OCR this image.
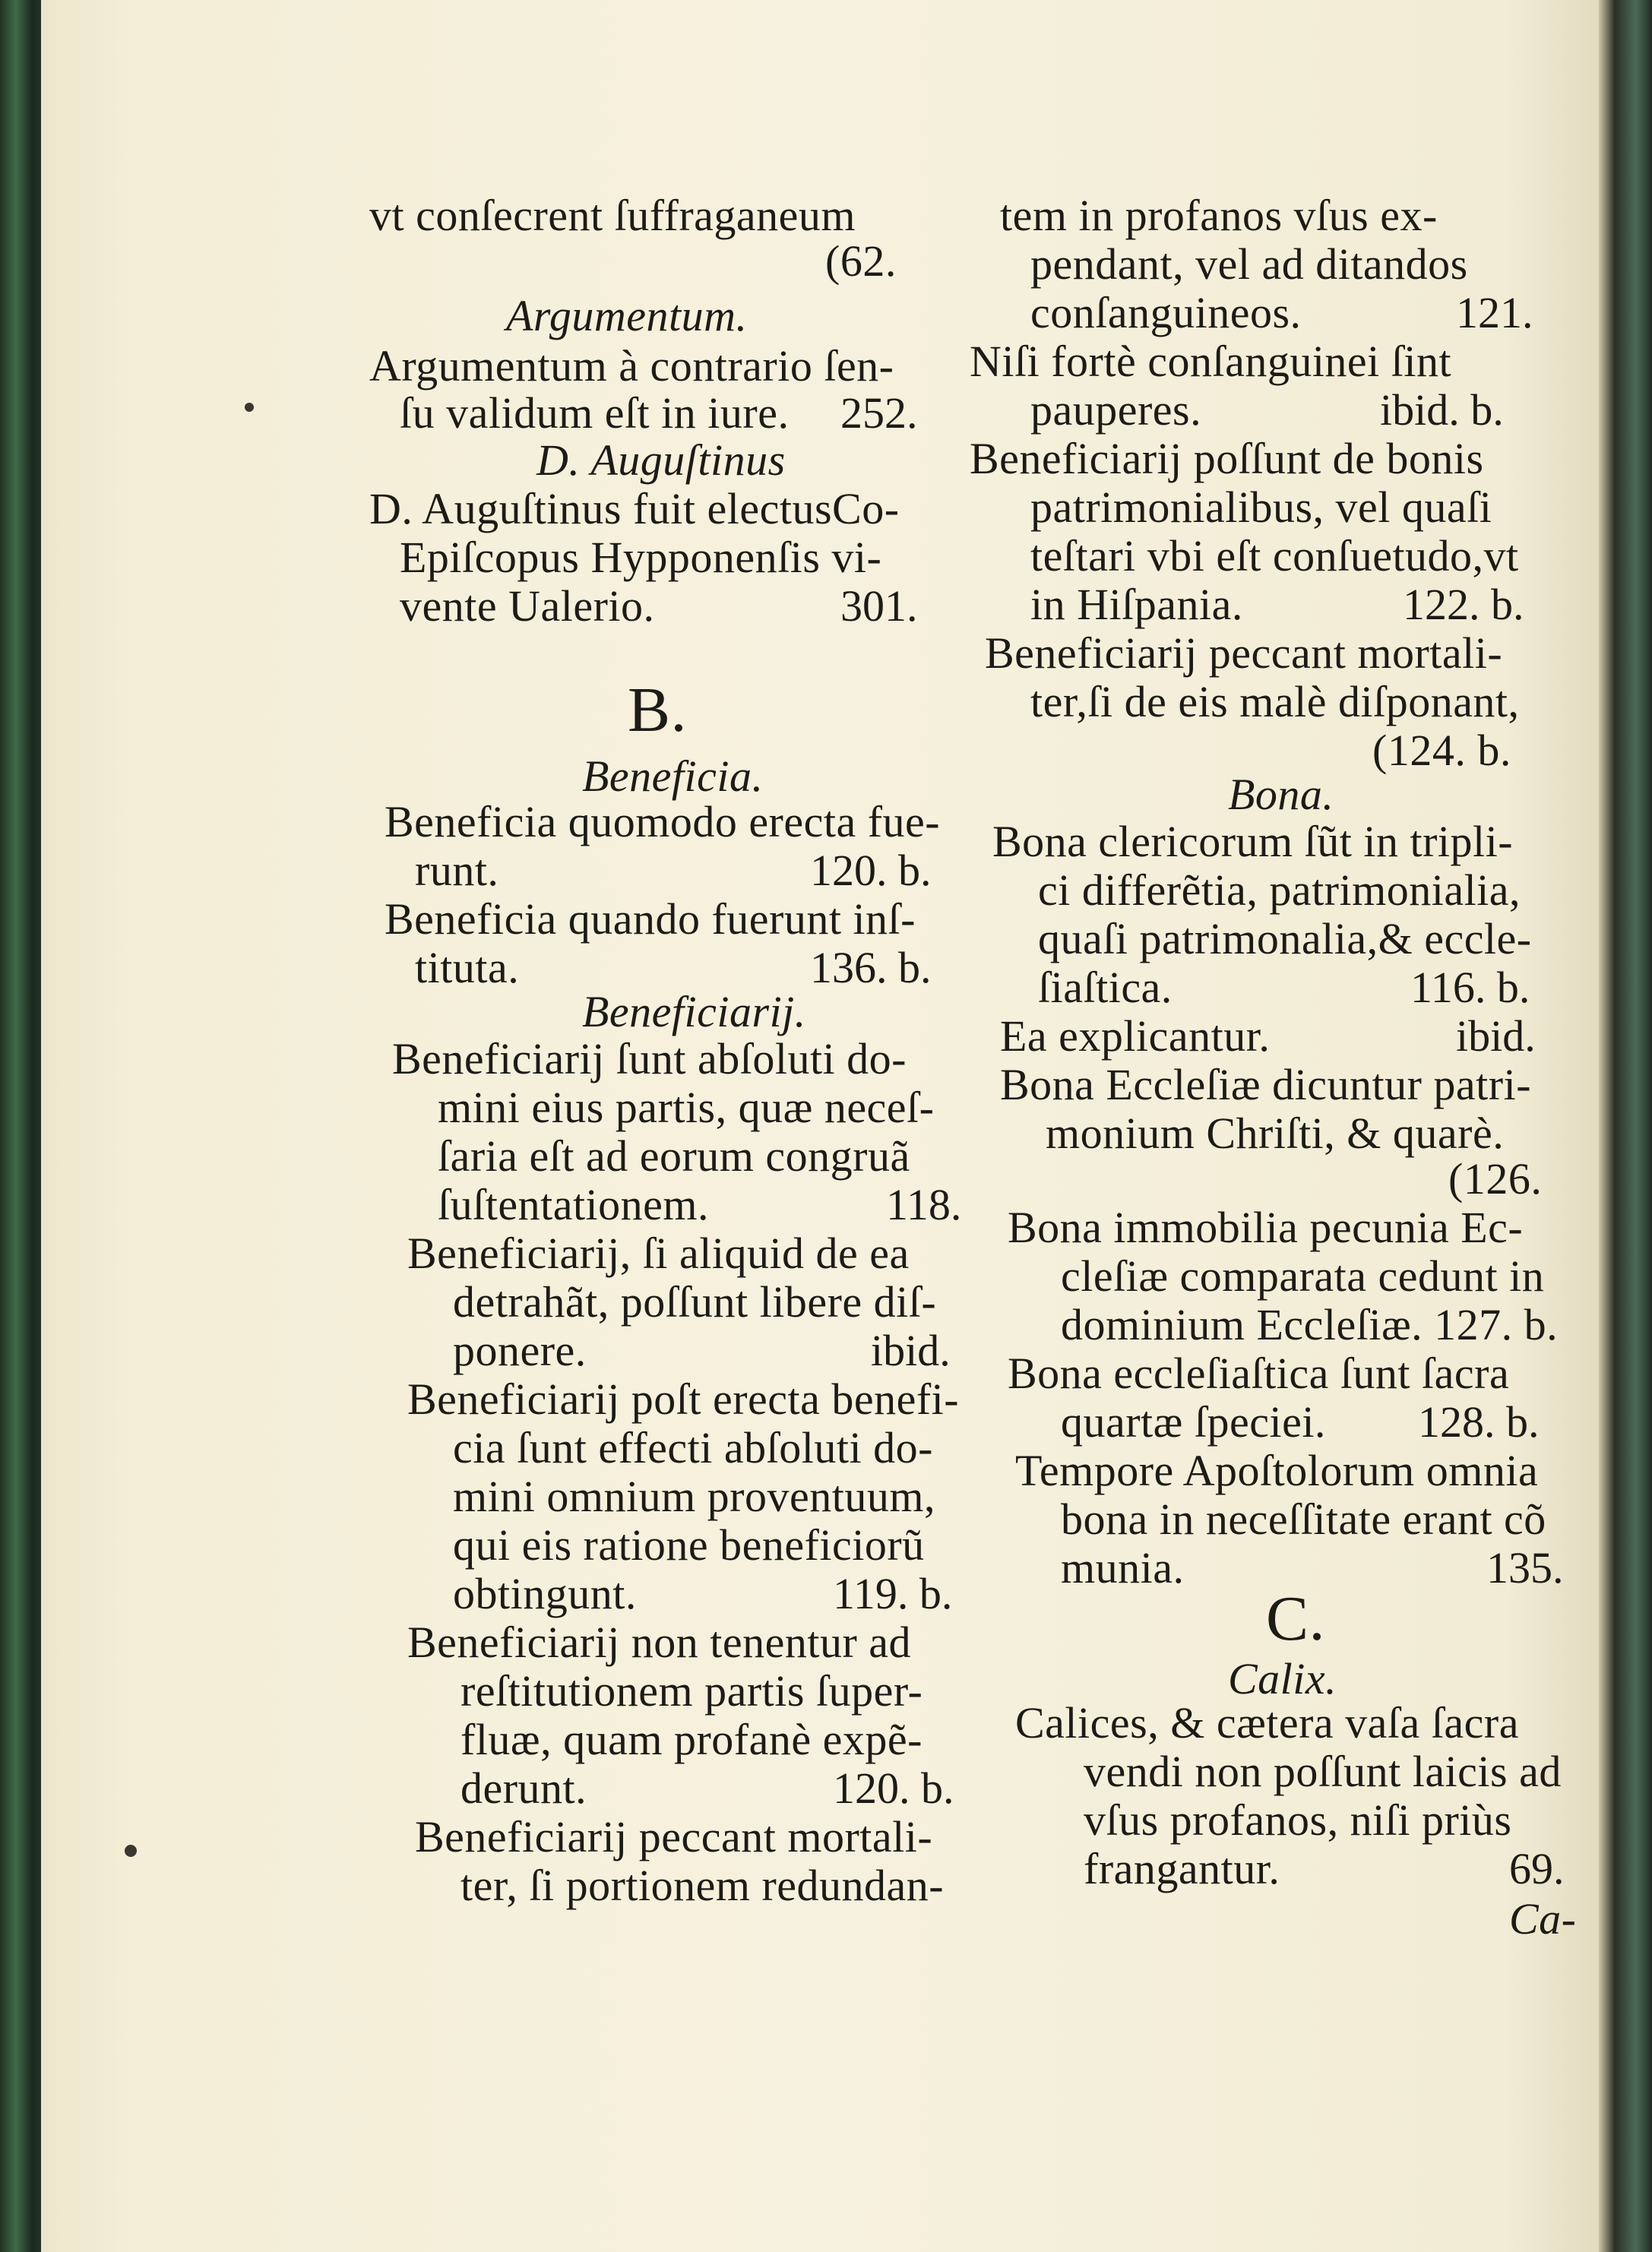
vt conſecrent ſuffraganeum
(62.
Argumentum.
Argumentum à contrario ſen-
ſu validum eſt in iure. 252.
D. Auguſtinus
D. Auguſtinus fuit electusCo-
Epiſcopus Hypponenſis vi-
vente Ualerio.	301.
B.
Beneficia.
Beneficia quomodo erecta fue-
runt.	120. b.
Beneficia quando fuerunt inſ-
tituta.	136. b.
Beneficiarij.
Beneficiarij ſunt abſoluti do-
mini eius partis, quæ neceſ-
ſaria eſt ad eorum congruã
ſuſtentationem.	118.
Beneficiarij, ſi aliquid de ea
detrahãt, poſſunt libere diſ-
ponere.	ibid.
Beneficiarij poſt erecta benefi-
cia ſunt effecti abſoluti do-
mini omnium proventuum,
qui eis ratione beneficiorũ
obtingunt.	119. b.
Beneficiarij non tenentur ad
reſtitutionem partis ſuper-
fluæ, quam profanè expẽ-
derunt.	120. b.
Beneficiarij peccant mortali-
ter, ſi portionem redundan-
tem in profanos vſus ex-
pendant, vel ad ditandos
conſanguineos.	121.
Niſi fortè conſanguinei ſint
pauperes.	ibid. b.
Beneficiarij poſſunt de bonis
patrimonialibus, vel quaſi
teſtari vbi eſt conſuetudo,vt
in Hiſpania.	122. b.
Beneficiarij peccant mortali-
ter,ſi de eis malè diſponant,
(124. b.
Bona.
Bona clericorum ſũt in tripli-
ci differẽtia, patrimonialia,
quaſi patrimonalia,& eccle-
ſiaſtica.	116. b.
Ea explicantur.	ibid.
Bona Eccleſiæ dicuntur patri-
monium Chriſti, & quarè.
(126.
Bona immobilia pecunia Ec-
cleſiæ comparata cedunt in
dominium Eccleſiæ. 127. b.
Bona eccleſiaſtica ſunt ſacra
quartæ ſpeciei. 128. b.
Tempore Apoſtolorum omnia
bona in neceſſitate erant cõ
munia.	135.
C.
Calix.
Calices, & cætera vaſa ſacra
vendi non poſſunt laicis ad
vſus profanos, niſi priùs
frangantur.	69.
Ca-
